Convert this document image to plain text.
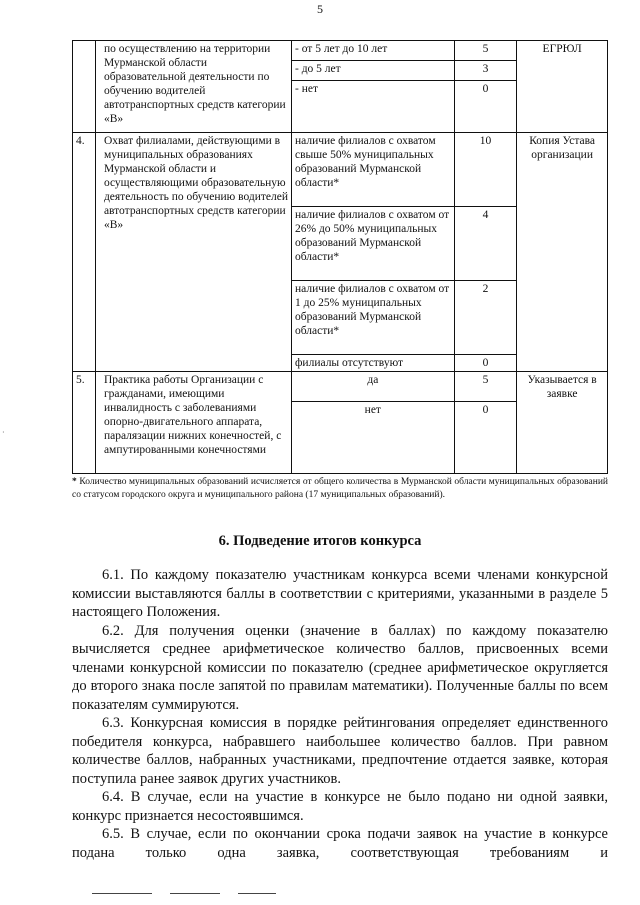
5
·
	по осуществлению на территории Мурманской области образовательной деятельности по обучению водителей автотранспортных средств категории «В»	- от 5 лет до 10 лет	5	ЕГРЮЛ
		- до 5 лет	3	
		- нет	0	
4.	Охват филиалами, действующими в муниципальных образованиях Мурманской области и осуществляющими образовательную деятельность по обучению водителей автотранспортных средств категории «В»	наличие филиалов с охватом свыше 50% муниципальных образований Мурманской области*	10	Копия Устава организации
		наличие филиалов с охватом от 26% до 50% муниципальных образований Мурманской области*	4	
		наличие филиалов с охватом от 1 до 25% муниципальных образований Мурманской области*	2	
		филиалы отсутствуют	0	
5.	Практика работы Организации с гражданами, имеющими инвалидность с заболеваниями опорно-двигательного аппарата, паралязации нижних конечностей, с ампутированными конечностями	да	5	Указывается в заявке
		нет	0	
* Количество муниципальных образований исчисляется от общего количества в Мурманской области муниципальных образований со статусом городского округа и муниципального района (17 муниципальных образований).
6. Подведение итогов конкурса

6.1. По каждому показателю участникам конкурса всеми членами конкурсной комиссии выставляются баллы в соответствии с критериями, указанными в разделе 5 настоящего Положения.

6.2. Для получения оценки (значение в баллах) по каждому показателю вычисляется среднее арифметическое количество баллов, присвоенных всеми членами конкурсной комиссии по показателю (среднее арифметическое округляется до второго знака после запятой по правилам математики). Полученные баллы по всем показателям суммируются.

6.3. Конкурсная комиссия в порядке рейтингования определяет единственного победителя конкурса, набравшего наибольшее количество баллов. При равном количестве баллов, набранных участниками, предпочтение отдается заявке, которая поступила ранее заявок других участников.

6.4. В случае, если на участие в конкурсе не было подано ни одной заявки, конкурс признается несостоявшимся.

6.5. В случае, если по окончании срока подачи заявок на участие в конкурсе подана только одна заявка, соответствующая требованиям и
